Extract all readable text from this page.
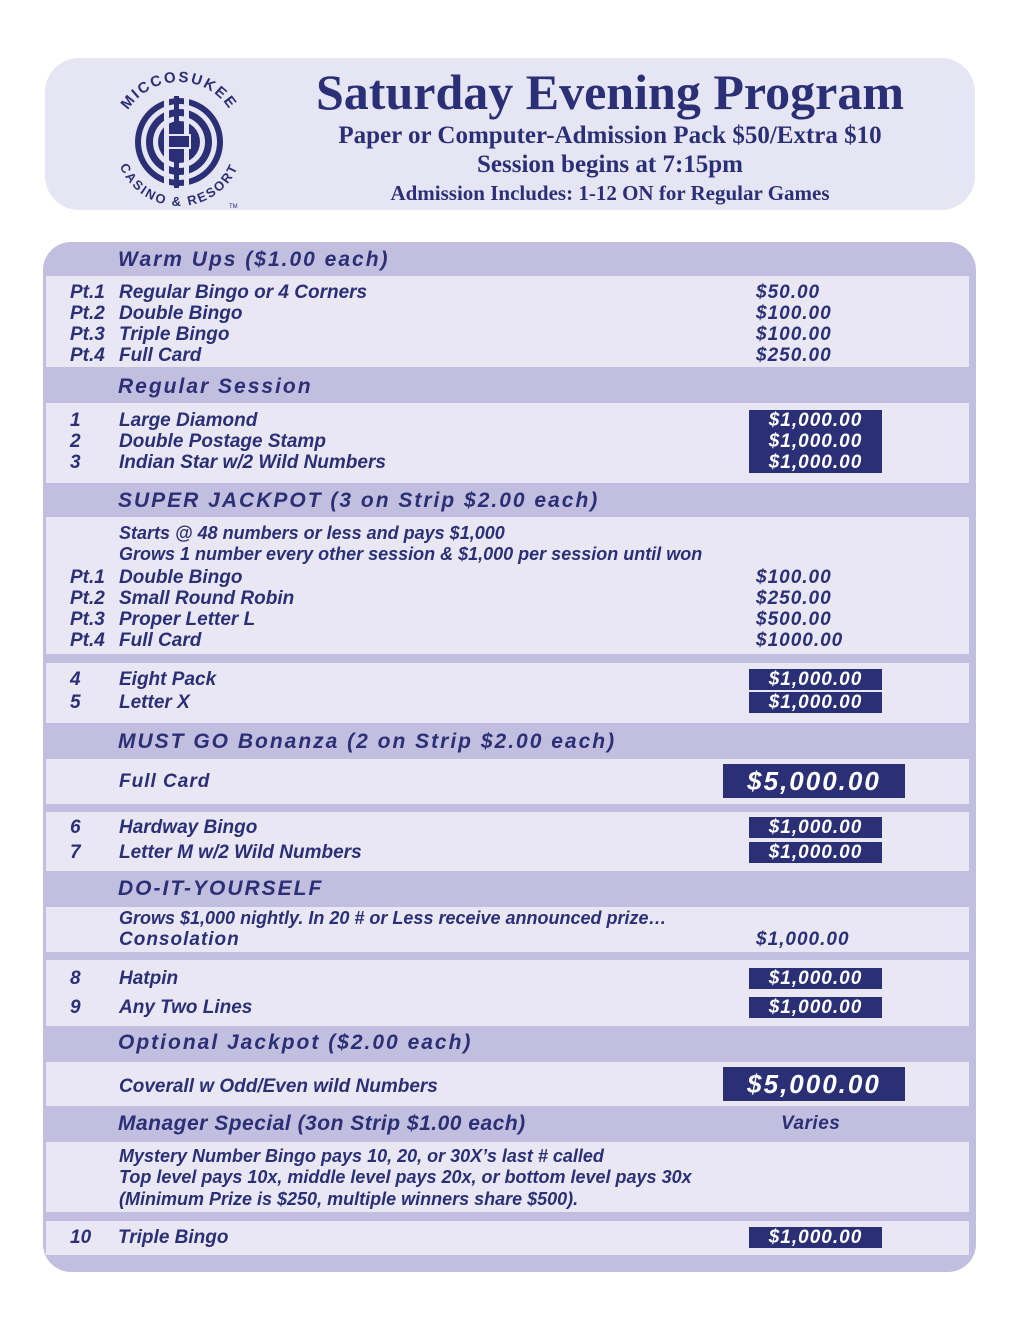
MICCOSUKEE
CASINO & RESORT
TM
Saturday Evening Program
Paper or Computer-Admission Pack $50/Extra $10
Session begins at 7:15pm
Admission Includes: 1-12 ON for Regular Games
Warm Ups ($1.00 each)
Pt.1 Regular Bingo or 4 Corners	$50.00
Pt.2 Double Bingo	$100.00
Pt.3 Triple Bingo	$100.00
Pt.4 Full Card	$250.00
Regular Session
1 Large Diamond	$1,000.00
2 Double Postage Stamp	$1,000.00
3 Indian Star w/2 Wild Numbers	$1,000.00
SUPER JACKPOT (3 on Strip $2.00 each)
Starts @ 48 numbers or less and pays $1,000
Grows 1 number every other session & $1,000 per session until won
Pt.1 Double Bingo	$100.00
Pt.2 Small Round Robin	$250.00
Pt.3 Proper Letter L	$500.00
Pt.4 Full Card	$1000.00
4 Eight Pack	$1,000.00
5 Letter X	$1,000.00
MUST GO Bonanza (2 on Strip $2.00 each)
Full Card	$5,000.00
6 Hardway Bingo	$1,000.00
7 Letter M w/2 Wild Numbers	$1,000.00
DO-IT-YOURSELF
Grows $1,000 nightly. In 20 # or Less receive announced prize…
Consolation	$1,000.00
8 Hatpin	$1,000.00
9 Any Two Lines	$1,000.00
Optional Jackpot ($2.00 each)
Coverall w Odd/Even wild Numbers	$5,000.00
Manager Special (3on Strip $1.00 each)	Varies
Mystery Number Bingo pays 10, 20, or 30X’s last # called
Top level pays 10x, middle level pays 20x, or bottom level pays 30x
(Minimum Prize is $250, multiple winners share $500).
10 Triple Bingo	$1,000.00
